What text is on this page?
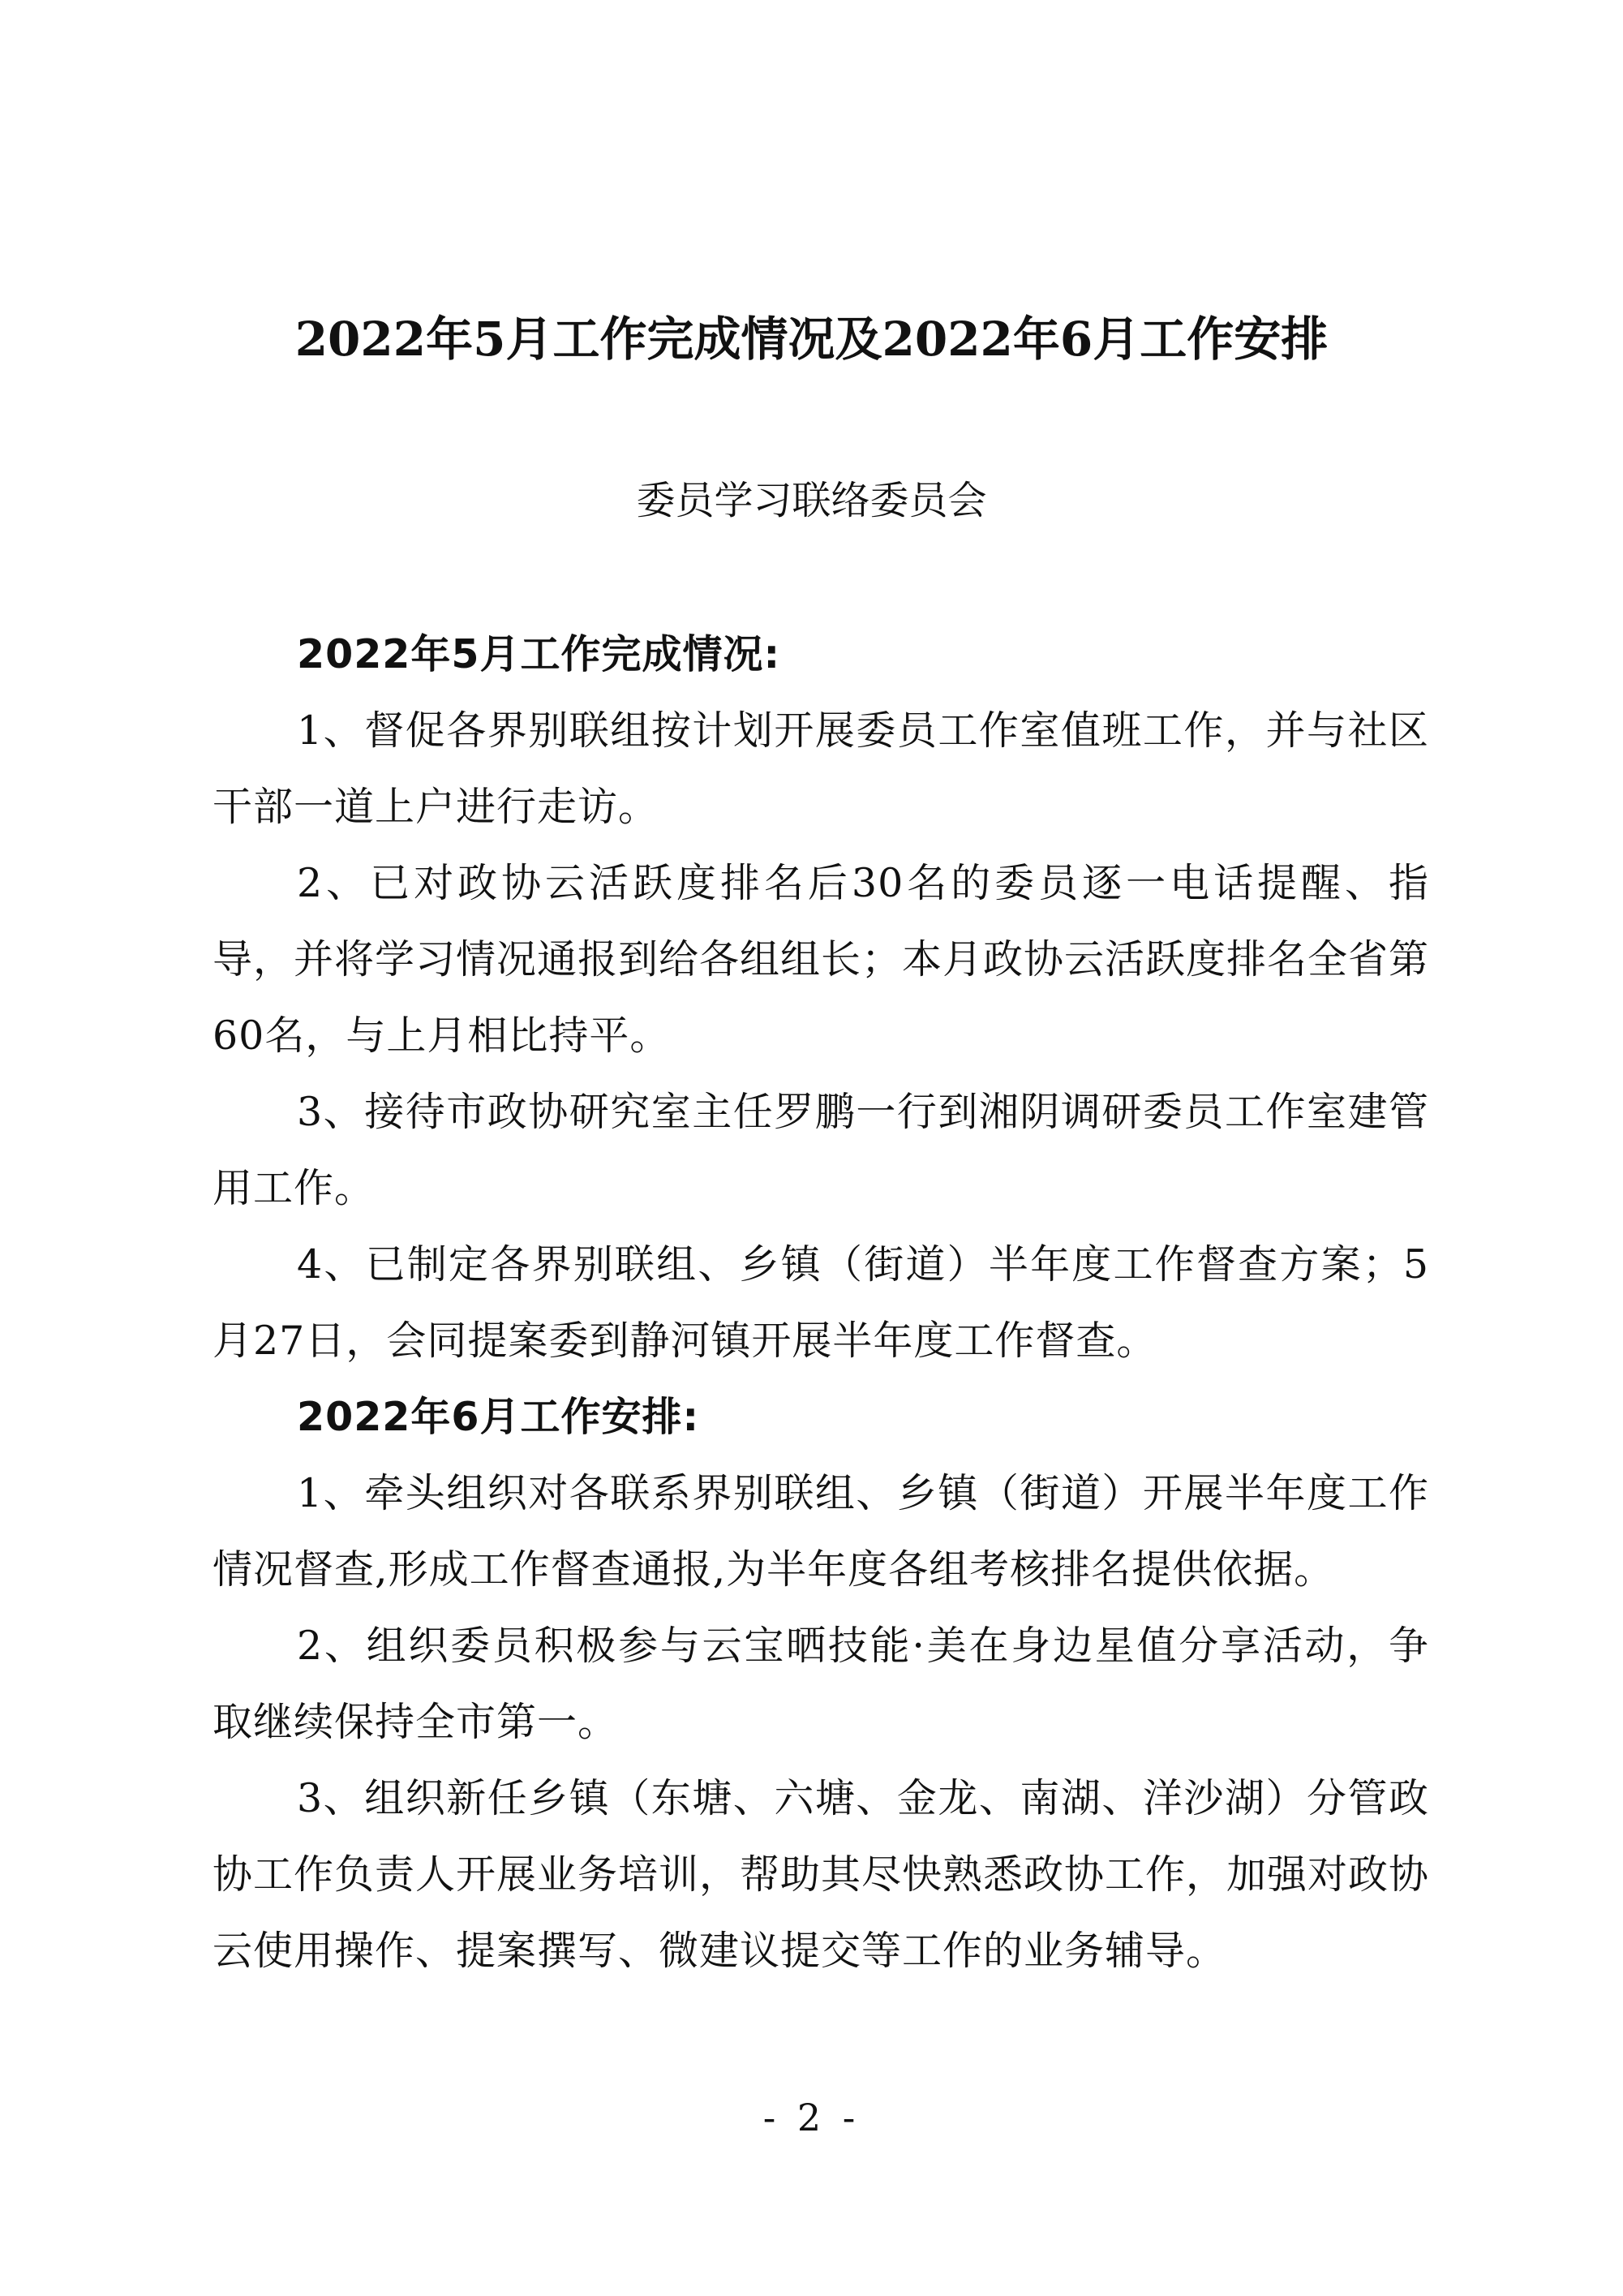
2022年5月工作完成情况及2022年6月工作安排
委员学习联络委员会

2022年5月工作完成情况:

1、督促各界别联组按计划开展委员工作室值班工作，并与社区干部一道上户进行走访。

2、已对政协云活跃度排名后30名的委员逐一电话提醒、指导，并将学习情况通报到给各组组长；本月政协云活跃度排名全省第60名，与上月相比持平。

3、接待市政协研究室主任罗鹏一行到湘阴调研委员工作室建管用工作。

4、已制定各界别联组、乡镇（街道）半年度工作督查方案；5月27日，会同提案委到静河镇开展半年度工作督查。

2022年6月工作安排:

1、牵头组织对各联系界别联组、乡镇（街道）开展半年度工作情况督查,形成工作督查通报,为半年度各组考核排名提供依据。

2、组织委员积极参与云宝晒技能·美在身边星值分享活动，争取继续保持全市第一。

3、组织新任乡镇（东塘、六塘、金龙、南湖、洋沙湖）分管政协工作负责人开展业务培训，帮助其尽快熟悉政协工作，加强对政协云使用操作、提案撰写、微建议提交等工作的业务辅导。

- 2 -
